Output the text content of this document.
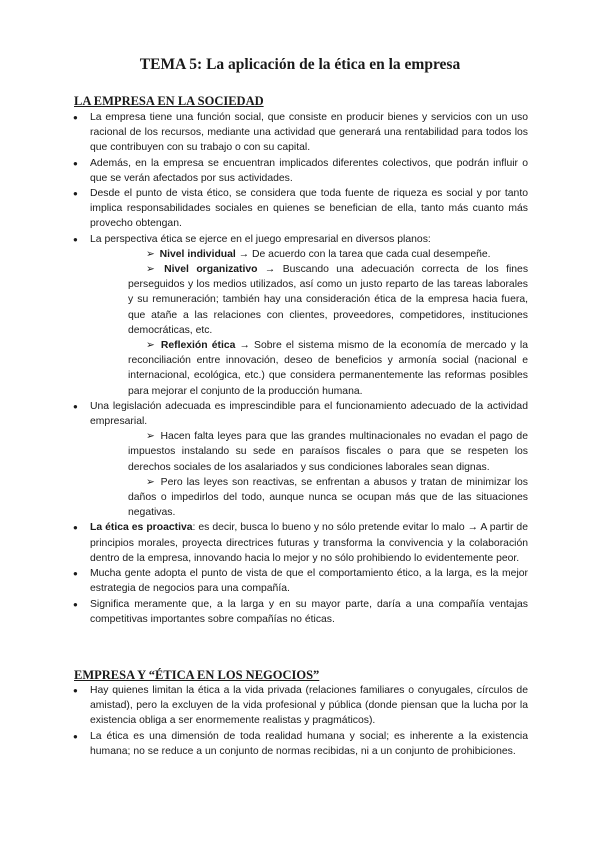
TEMA 5: La aplicación de la ética en la empresa
LA EMPRESA EN LA SOCIEDAD
● La empresa tiene una función social, que consiste en producir bienes y servicios con un uso racional de los recursos, mediante una actividad que generará una rentabilidad para todos los que contribuyen con su trabajo o con su capital.
● Además, en la empresa se encuentran implicados diferentes colectivos, que podrán influir o que se verán afectados por sus actividades.
● Desde el punto de vista ético, se considera que toda fuente de riqueza es social y por tanto implica responsabilidades sociales en quienes se benefician de ella, tanto más cuanto más provecho obtengan.
● La perspectiva ética se ejerce en el juego empresarial en diversos planos:
➢ Nivel individual → De acuerdo con la tarea que cada cual desempeñe.
➢ Nivel organizativo → Buscando una adecuación correcta de los fines perseguidos y los medios utilizados, así como un justo reparto de las tareas laborales y su remuneración; también hay una consideración ética de la empresa hacia fuera, que atañe a las relaciones con clientes, proveedores, competidores, instituciones democráticas, etc.
➢ Reflexión ética → Sobre el sistema mismo de la economía de mercado y la reconciliación entre innovación, deseo de beneficios y armonía social (nacional e internacional, ecológica, etc.) que considera permanentemente las reformas posibles para mejorar el conjunto de la producción humana.
● Una legislación adecuada es imprescindible para el funcionamiento adecuado de la actividad empresarial.
➢ Hacen falta leyes para que las grandes multinacionales no evadan el pago de impuestos instalando su sede en paraísos fiscales o para que se respeten los derechos sociales de los asalariados y sus condiciones laborales sean dignas.
➢ Pero las leyes son reactivas, se enfrentan a abusos y tratan de minimizar los daños o impedirlos del todo, aunque nunca se ocupan más que de las situaciones negativas.
● La ética es proactiva: es decir, busca lo bueno y no sólo pretende evitar lo malo → A partir de principios morales, proyecta directrices futuras y transforma la convivencia y la colaboración dentro de la empresa, innovando hacia lo mejor y no sólo prohibiendo lo evidentemente peor.
● Mucha gente adopta el punto de vista de que el comportamiento ético, a la larga, es la mejor estrategia de negocios para una compañía.
● Significa meramente que, a la larga y en su mayor parte, daría a una compañía ventajas competitivas importantes sobre compañías no éticas.
EMPRESA Y “ÉTICA EN LOS NEGOCIOS”
● Hay quienes limitan la ética a la vida privada (relaciones familiares o conyugales, círculos de amistad), pero la excluyen de la vida profesional y pública (donde piensan que la lucha por la existencia obliga a ser enormemente realistas y pragmáticos).
● La ética es una dimensión de toda realidad humana y social; es inherente a la existencia humana; no se reduce a un conjunto de normas recibidas, ni a un conjunto de prohibiciones.
